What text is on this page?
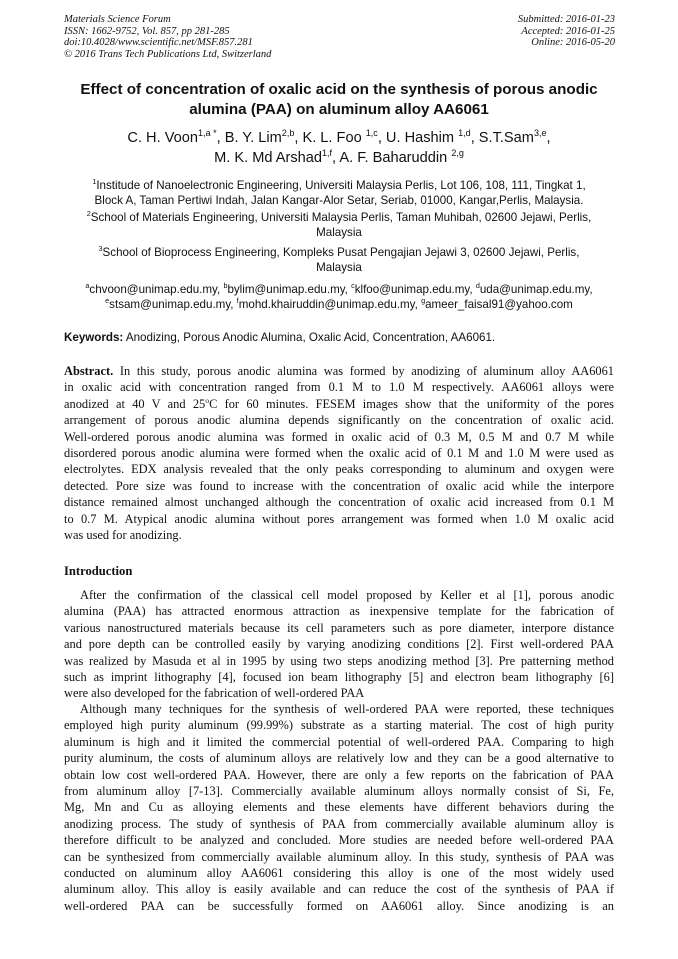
Materials Science Forum
ISSN: 1662-9752, Vol. 857, pp 281-285
doi:10.4028/www.scientific.net/MSF.857.281
© 2016 Trans Tech Publications Ltd, Switzerland
Submitted: 2016-01-23
Accepted: 2016-01-25
Online: 2016-05-20
Effect of concentration of oxalic acid on the synthesis of porous anodic
alumina (PAA) on aluminum alloy AA6061
C. H. Voon$^{1,a *}$, B. Y. Lim$^{2,b}$, K. L. Foo $^{1,c}$, U. Hashim $^{1,d}$, S.T.Sam$^{3,e}$,
M. K. Md Arshad$^{1,f}$, A. F. Baharuddin $^{2,g}$
$^1$Institude of Nanoelectronic Engineering, Universiti Malaysia Perlis, Lot 106, 108, 111, Tingkat 1,
Block A, Taman Pertiwi Indah, Jalan Kangar-Alor Setar, Seriab, 01000, Kangar,Perlis, Malaysia.
$^2$School of Materials Engineering, Universiti Malaysia Perlis, Taman Muhibah, 02600 Jejawi, Perlis,
Malaysia
$^3$School of Bioprocess Engineering, Kompleks Pusat Pengajian Jejawi 3, 02600 Jejawi, Perlis,
Malaysia
$^a$chvoon@unimap.edu.my, $^b$bylim@unimap.edu.my, $^c$klfoo@unimap.edu.my, $^d$uda@unimap.edu.my,
$^e$stsam@unimap.edu.my, $^f$mohd.khairuddin@unimap.edu.my, $^g$ameer_faisal91@yahoo.com
Keywords: Anodizing, Porous Anodic Alumina, Oxalic Acid, Concentration, AA6061.
Abstract. In this study, porous anodic alumina was formed by anodizing of aluminum alloy AA6061
in oxalic acid with concentration ranged from 0.1 M to 1.0 M respectively. AA6061 alloys were
anodized at 40 V and 25$^o$C for 60 minutes. FESEM images show that the uniformity of the pores
arrangement of porous anodic alumina depends significantly on the concentration of oxalic acid.
Well-ordered porous anodic alumina was formed in oxalic acid of 0.3 M, 0.5 M and 0.7 M while
disordered porous anodic alumina were formed when the oxalic acid of 0.1 M and 1.0 M were used as
electrolytes. EDX analysis revealed that the only peaks corresponding to aluminum and oxygen were
detected. Pore size was found to increase with the concentration of oxalic acid while the interpore
distance remained almost unchanged although the concentration of oxalic acid increased from 0.1 M
to 0.7 M. Atypical anodic alumina without pores arrangement was formed when 1.0 M oxalic acid
was used for anodizing.
Introduction
After the confirmation of the classical cell model proposed by Keller et al [1], porous anodic
alumina (PAA) has attracted enormous attraction as inexpensive template for the fabrication of
various nanostructured materials because its cell parameters such as pore diameter, interpore distance
and pore depth can be controlled easily by varying anodizing conditions [2]. First well-ordered PAA
was realized by Masuda et al in 1995 by using two steps anodizing method [3]. Pre patterning method
such as imprint lithography [4], focused ion beam lithography [5] and electron beam lithography [6]
were also developed for the fabrication of well-ordered PAA
Although many techniques for the synthesis of well-ordered PAA were reported, these techniques
employed high purity aluminum (99.99%) substrate as a starting material. The cost of high purity
aluminum is high and it limited the commercial potential of well-ordered PAA. Comparing to high
purity aluminum, the costs of aluminum alloys are relatively low and they can be a good alternative to
obtain low cost well-ordered PAA. However, there are only a few reports on the fabrication of PAA
from aluminum alloy [7-13]. Commercially available aluminum alloys normally consist of Si, Fe,
Mg, Mn and Cu as alloying elements and these elements have different behaviors during the
anodizing process. The study of synthesis of PAA from commercially available aluminum alloy is
therefore difficult to be analyzed and concluded. More studies are needed before well-ordered PAA
can be synthesized from commercially available aluminum alloy. In this study, synthesis of PAA was
conducted on aluminum alloy AA6061 considering this alloy is one of the most widely used
aluminum alloy. This alloy is easily available and can reduce the cost of the synthesis of PAA if
well-ordered PAA can be successfully formed on AA6061 alloy. Since anodizing is an
